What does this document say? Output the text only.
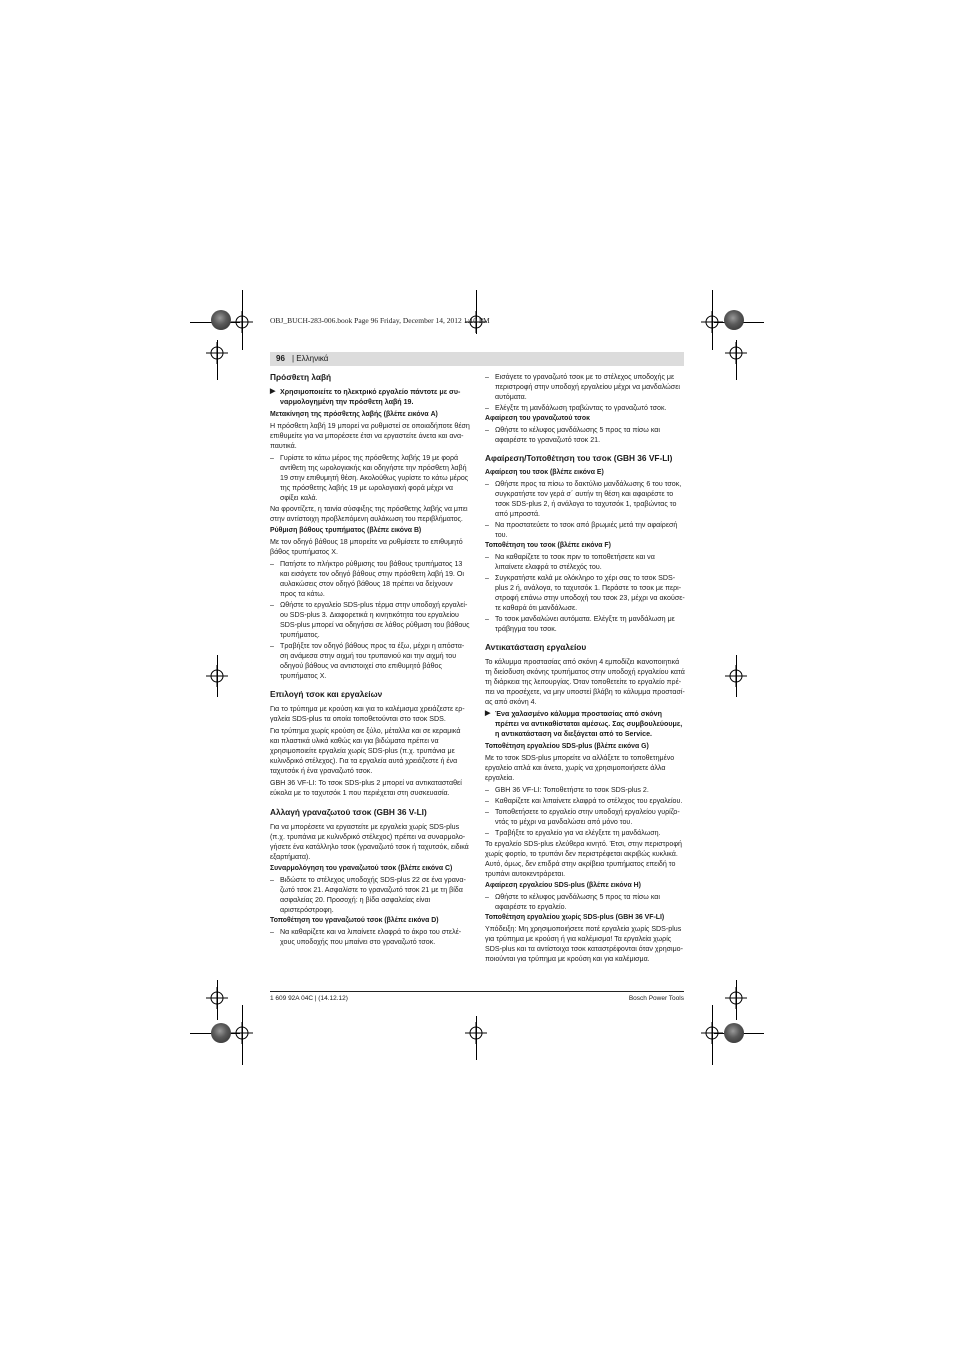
OBJ_BUCH-283-006.book Page 96 Friday, December 14, 2012 1:10 PM
96 | Ελληνικά
Πρόσθετη λαβή
▶ Χρησιμοποιείτε το ηλεκτρικό εργαλείο πάντοτε με συναρμολογημένη την πρόσθετη λαβή 19.
Μετακίνηση της πρόσθετης λαβής (βλέπε εικόνα A)

Η πρόσθετη λαβή 19 μπορεί να ρυθμιστεί σε οποιαδήποτε θέση επιθυμείτε για να μπορέσετε έτσι να εργαστείτε άνετα και αναπαυτικά.

– Γυρίστε το κάτω μέρος της πρόσθετης λαβής 19 με φορά αντίθετη της ωρολογιακής και οδηγήστε την πρόσθετη λαβή 19 στην επιθυμητή θέση. Ακολούθως γυρίστε το κάτω μέρος της πρόσθετης λαβής 19 με ωρολογιακή φορά μέχρι να σφίξει καλά.

Να φροντίζετε, η ταινία σύσφιξης της πρόσθετης λαβής να μπει στην αντίστοιχη προβλεπόμενη αυλάκωση του περιβλήματος.

Ρύθμιση βάθους τρυπήματος (βλέπε εικόνα B)

Με τον οδηγό βάθους 18 μπορείτε να ρυθμίσετε το επιθυμητό βάθος τρυπήματος X.

– Πατήστε το πλήκτρο ρύθμισης του βάθους τρυπήματος 13 και εισάγετε τον οδηγό βάθους στην πρόσθετη λαβή 19. Οι αυλακώσεις στον οδηγό βάθους 18 πρέπει να δείχνουν προς τα κάτω.
– Ωθήστε το εργαλείο SDS-plus τέρμα στην υποδοχή εργαλείου SDS-plus 3. Διαφορετικά η κινητικότητα του εργαλείου SDS-plus μπορεί να οδηγήσει σε λάθος ρύθμιση του βάθους τρυπήματος.
– Τραβήξτε τον οδηγό βάθους προς τα έξω, μέχρι η απόσταση ανάμεσα στην αιχμή του τρυπανιού και την αιχμή του οδηγού βάθους να αντιστοιχεί στο επιθυμητό βάθος τρυπήματος X.
Επιλογή τσοκ και εργαλείων

Για το τρύπημα με κρούση και για το καλέμισμα χρειάζεστε εργαλεία SDS-plus τα οποία τοποθετούνται στο τσοκ SDS.

Για τρύπημα χωρίς κρούση σε ξύλο, μέταλλα και σε κεραμικά και πλαστικά υλικά καθώς και για βιδώματα πρέπει να χρησιμοποιείτε εργαλεία χωρίς SDS-plus (π.χ. τρυπάνια με κυλινδρικό στέλεχος). Για τα εργαλεία αυτά χρειάζεστε ή ένα ταχυτσόκ ή ένα γραναζωτό τσοκ.

GBH 36 VF-LI: Το τσοκ SDS-plus 2 μπορεί να αντικατασταθεί εύκολα με το ταχυτσόκ 1 που περιέχεται στη συσκευασία.

Αλλαγή γραναζωτού τσοκ (GBH 36 V-LI)

Για να μπορέσετε να εργαστείτε με εργαλεία χωρίς SDS-plus (π.χ. τρυπάνια με κυλινδρικό στέλεχος) πρέπει να συναρμολογήσετε ένα κατάλληλο τσοκ (γραναζωτό τσοκ ή ταχυτσόκ, ειδικά εξαρτήματα).

Συναρμολόγηση του γραναζωτού τσοκ (βλέπε εικόνα C)
– Βιδώστε το στέλεχος υποδοχής SDS-plus 22 σε ένα γραναζωτό τσοκ 21. Ασφαλίστε το γραναζωτό τσοκ 21 με τη βίδα ασφαλείας 20. Προσοχή: η βίδα ασφαλείας είναι αριστερόστροφη.
Τοποθέτηση του γραναζωτού τσοκ (βλέπε εικόνα D)
– Να καθαρίζετε και να λιπαίνετε ελαφρά το άκρο του στελέχους υποδοχής που μπαίνει στο γραναζωτό τσοκ.
– Εισάγετε το γραναζωτό τσοκ με το στέλεχος υποδοχής με περιστροφή στην υποδοχή εργαλείου μέχρι να μανδαλώσει αυτόματα.
– Ελέγξτε τη μανδάλωση τραβώντας το γραναζωτό τσοκ.
Αφαίρεση του γραναζωτού τσοκ
– Ωθήστε το κέλυφος μανδάλωσης 5 προς τα πίσω και αφαιρέστε το γραναζωτό τσοκ 21.
Αφαίρεση/Τοποθέτηση του τσοκ (GBH 36 VF-LI)
Αφαίρεση του τσοκ (βλέπε εικόνα E)
– Ωθήστε προς τα πίσω το δακτύλιο μανδάλωσης 6 του τσοκ, συγκρατήστε τον γερά σ΄ αυτήν τη θέση και αφαιρέστε το τσοκ SDS-plus 2, ή ανάλογα το ταχυτσόκ 1, τραβώντας το από μπροστά.
– Να προστατεύετε το τσοκ από βρωμιές μετά την αφαίρεσή του.
Τοποθέτηση του τσοκ (βλέπε εικόνα F)
– Να καθαρίζετε το τσοκ πριν το τοποθετήσετε και να λιπαίνετε ελαφρά το στέλεχός του.
– Συγκρατήστε καλά με ολόκληρο το χέρι σας το τσοκ SDS-plus 2 ή, ανάλογα, το ταχυτσόκ 1. Περάστε το τσοκ με περιστροφή επάνω στην υποδοχή του τσοκ 23, μέχρι να ακούσετε καθαρά ότι μανδάλωσε.
– Το τσοκ μανδαλώνει αυτόματα. Ελέγξτε τη μανδάλωση με τράβηγμα του τσοκ.
Αντικατάσταση εργαλείου

Το κάλυμμα προστασίας από σκόνη 4 εμποδίζει ικανοποιητικά τη διείσδυση σκόνης τρυπήματος στην υποδοχή εργαλείου κατά τη διάρκεια της λειτουργίας. Όταν τοποθετείτε το εργαλείο πρέπει να προσέχετε, να μην υποστεί βλάβη το κάλυμμα προστασίας από σκόνη 4.

▶ Ένα χαλασμένο κάλυμμα προστασίας από σκόνη πρέπει να αντικαθίσταται αμέσως. Σας συμβουλεύουμε, η αντικατάσταση να διεξάγεται από το Service.
Τοποθέτηση εργαλείου SDS-plus (βλέπε εικόνα G)

Με το τσοκ SDS-plus μπορείτε να αλλάξετε το τοποθετημένο εργαλείο απλά και άνετα, χωρίς να χρησιμοποιήσετε άλλα εργαλεία.

– GBH 36 VF-LI: Τοποθετήστε το τσοκ SDS-plus 2.
– Καθαρίζετε και λιπαίνετε ελαφρά το στέλεχος του εργαλείου.
– Τοποθετήσετε το εργαλείο στην υποδοχή εργαλείου γυρίζοντάς το μέχρι να μανδαλώσει από μόνο του.
– Τραβήξτε το εργαλείο για να ελέγξετε τη μανδάλωση.

Το εργαλείο SDS-plus ελεύθερα κινητό. Έτσι, στην περιστροφή χωρίς φορτίο, το τρυπάνι δεν περιστρέφεται ακριβώς κυκλικά. Αυτό, όμως, δεν επιδρά στην ακρίβεια τρυπήματος επειδή το τρυπάνι αυτοκεντράρεται.

Αφαίρεση εργαλείου SDS-plus (βλέπε εικόνα H)
– Ωθήστε το κέλυφος μανδάλωσης 5 προς τα πίσω και αφαιρέστε το εργαλείο.
Τοποθέτηση εργαλείου χωρίς SDS-plus (GBH 36 VF-LI)

Υπόδειξη: Μη χρησιμοποιήσετε ποτέ εργαλεία χωρίς SDS-plus για τρύπημα με κρούση ή για καλέμισμα! Τα εργαλεία χωρίς SDS-plus και τα αντίστοιχα τσοκ καταστρέφονται όταν χρησιμοποιούνται για τρύπημα με κρούση και για καλέμισμα.

1 609 92A 04C | (14.12.12)	Bosch Power Tools
